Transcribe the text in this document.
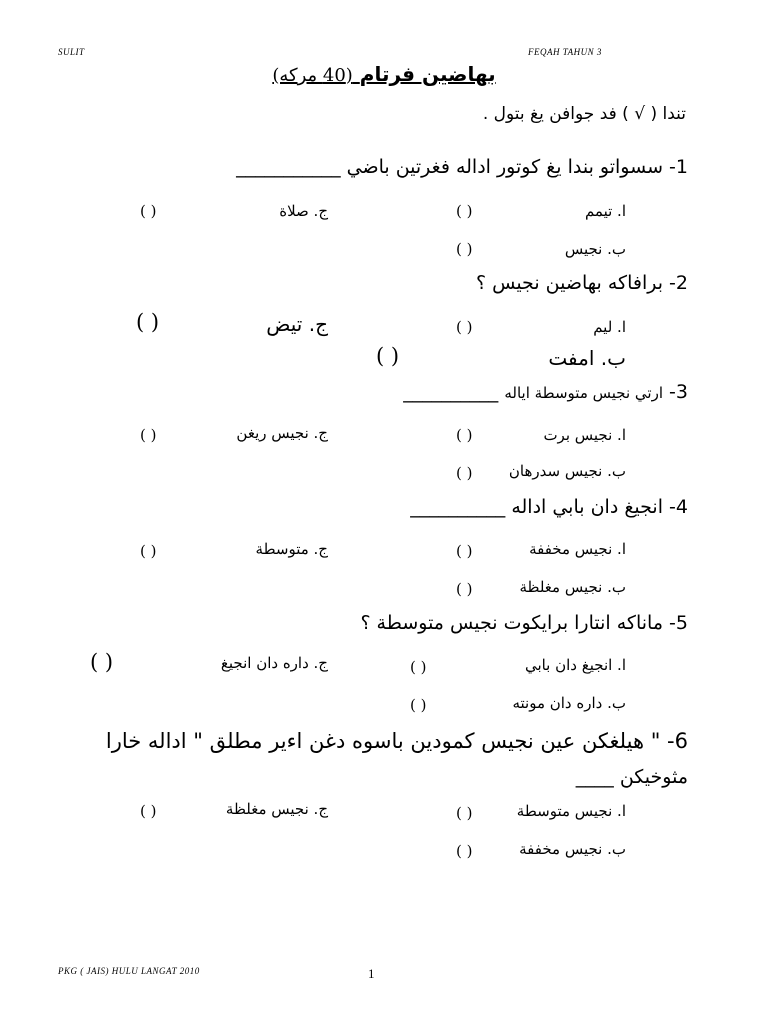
SULIT	FEQAH TAHUN 3
بهاضين فرتام (40 مركه)
تندا ( √ ) فد جوافن يغ بتول .
1- سسواتو بندا يغ كوتور اداله فغرتين باضي ___________
ا. تيمم
( )
ج. صلاة
( )
ب. نجيس
( )
2- برافاكه بهاضين نجيس ؟
ا. ليم
( )
ج. تيض
( )
ب. امفت
( )
3- ارتي نجيس متوسطة اياله __________
ا. نجيس برت
( )
ج. نجيس ريغن
( )
ب. نجيس سدرهان
( )
4- انجيغ دان بابي اداله __________
ا. نجيس مخففة
( )
ج. متوسطة
( )
ب. نجيس مغلظة
( )
5- ماناكه انتارا برايكوت نجيس متوسطة ؟
ا. انجيغ دان بابي
( )
ج. داره دان انجيغ
( )
ب. داره دان مونته
( )
6- " هيلغكن عين نجيس كمودين باسوه دغن اءير مطلق " اداله خارا
مثوخيكن ____
ا. نجيس متوسطة
( )
ج. نجيس مغلظة
( )
ب. نجيس مخففة
( )
PKG ( JAIS) HULU LANGAT 2010	1
